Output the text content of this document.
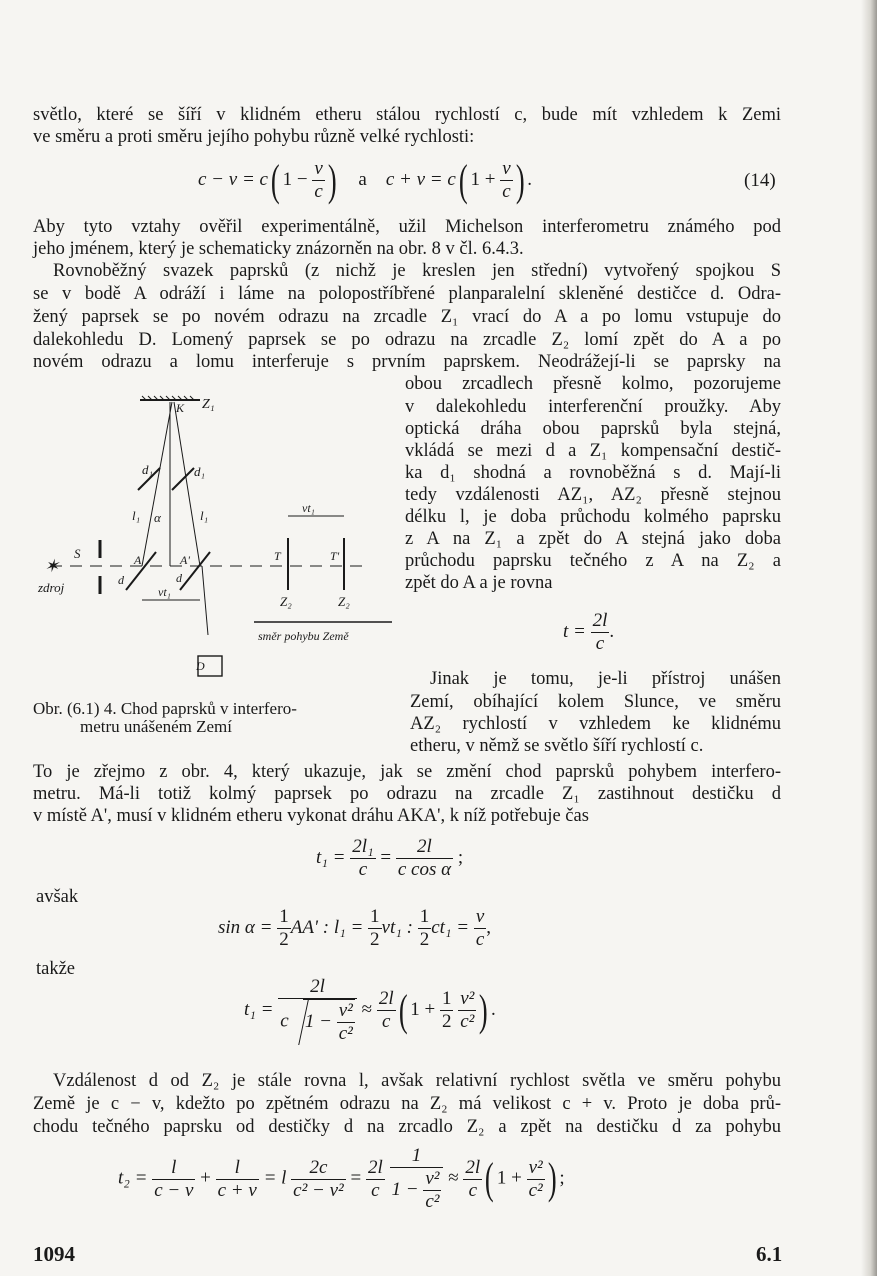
světlo, které se šíří v klidném etheru stálou rychlostí c, bude mít vzhledem k Zemi

ve směru a proti směru jejího pohybu různě velké rychlosti:

c − v = c( $1 - \frac{v}{c}$ ) a c + v = c( $1 + \frac{v}{c}$ ) .	(14)

Aby tyto vztahy ověřil experimentálně, užil Michelson interferometru známého pod

jeho jménem, který je schematicky znázorněn na obr. 8 v čl. 6.4.3.

Rovnoběžný svazek paprsků (z nichž je kreslen jen střední) vytvořený spojkou S

se v bodě A odráží i láme na polopostříbřené planparalelní skleněné destičce d. Odra-

žený paprsek se po novém odrazu na zrcadle Z₁ vrací do A a po lomu vstupuje do

dalekohledu D. Lomený paprsek se po odrazu na zrcadle Z₂ lomí zpět do A a po

novém odrazu a lomu interferuje s prvním paprskem. Neodrážejí-li se paprsky na

obou zrcadlech přesně kolmo, pozorujeme

v dalekohledu interferenční proužky. Aby

optická dráha obou paprsků byla stejná,

vkládá se mezi d a Z₁ kompensační destič-

ka d₁ shodná a rovnoběžná s d. Mají-li

tedy vzdálenosti AZ₁, AZ₂ přesně stejnou

délku l, je doba průchodu kolmého paprsku

z A na Z₁ a zpět do A stejná jako doba

průchodu paprsku tečného z A na Z₂ a

zpět do A a je rovna

$t = \frac{2l}{c}$ .

Jinak je tomu, je-li přístroj unášen

Zemí, obíhající kolem Slunce, ve směru

AZ₂ rychlostí v vzhledem ke klidnému

etheru, v němž se světlo šíří rychlostí c.

Z₁
K
d₁	d₁
l₁	l₁
α
A	A'
d	d
vt₁
S
✶
zdroj
T	T'
Z₂	Z₂
vt₁
směr pohybu Země
D
Obr. (6.1) 4. Chod paprsků v interfero-
metru unášeném Zemí

To je zřejmo z obr. 4, který ukazuje, jak se změní chod paprsků pohybem interfero-

metru. Má-li totiž kolmý paprsek po odrazu na zrcadle Z₁ zastihnout destičku d

v místě A', musí v klidném etheru vykonat dráhu AKA', k níž potřebuje čas

$t_1 = \frac{\text{2l₁}}{c} = \frac{2l}{\text{c cos α}}$ ;

avšak

$\sin \alpha = \frac{1}{2} AA'$ : $l_1 = \frac{1}{2} vt_1$ : $\frac{1}{2} ct_1 = \frac{v}{c}$ ,

takže

$t_1 = \frac{2l}{c 1 - \frac{\text{v²}}{\text{c²}}} \approx \frac{2l}{c}$ ( $1 + \frac{1}{2}$
$\frac{\text{v²}}{\text{c²}}$ ) .

Vzdálenost d od Z₂ je stále rovna l, avšak relativní rychlost světla ve směru pohybu

Země je c − v, kdežto po zpětném odrazu na Z₂ má velikost c + v. Proto je doba prů-

chodu tečného paprsku od destičky d na zrcadlo Z₂ a zpět na destičku d za pohybu

$t_2 = \frac{l}{c - v} + \frac{l}{c + v} = l \frac{2c}{\text{c² − v²}} = \frac{2l}{c}$
$\frac{1}{1 - \frac{\text{v²}}{\text{c²}}} \approx \frac{2l}{c}$ ( $1 + \frac{\text{v²}}{\text{c²}}$ ) ;
1094	6.1
